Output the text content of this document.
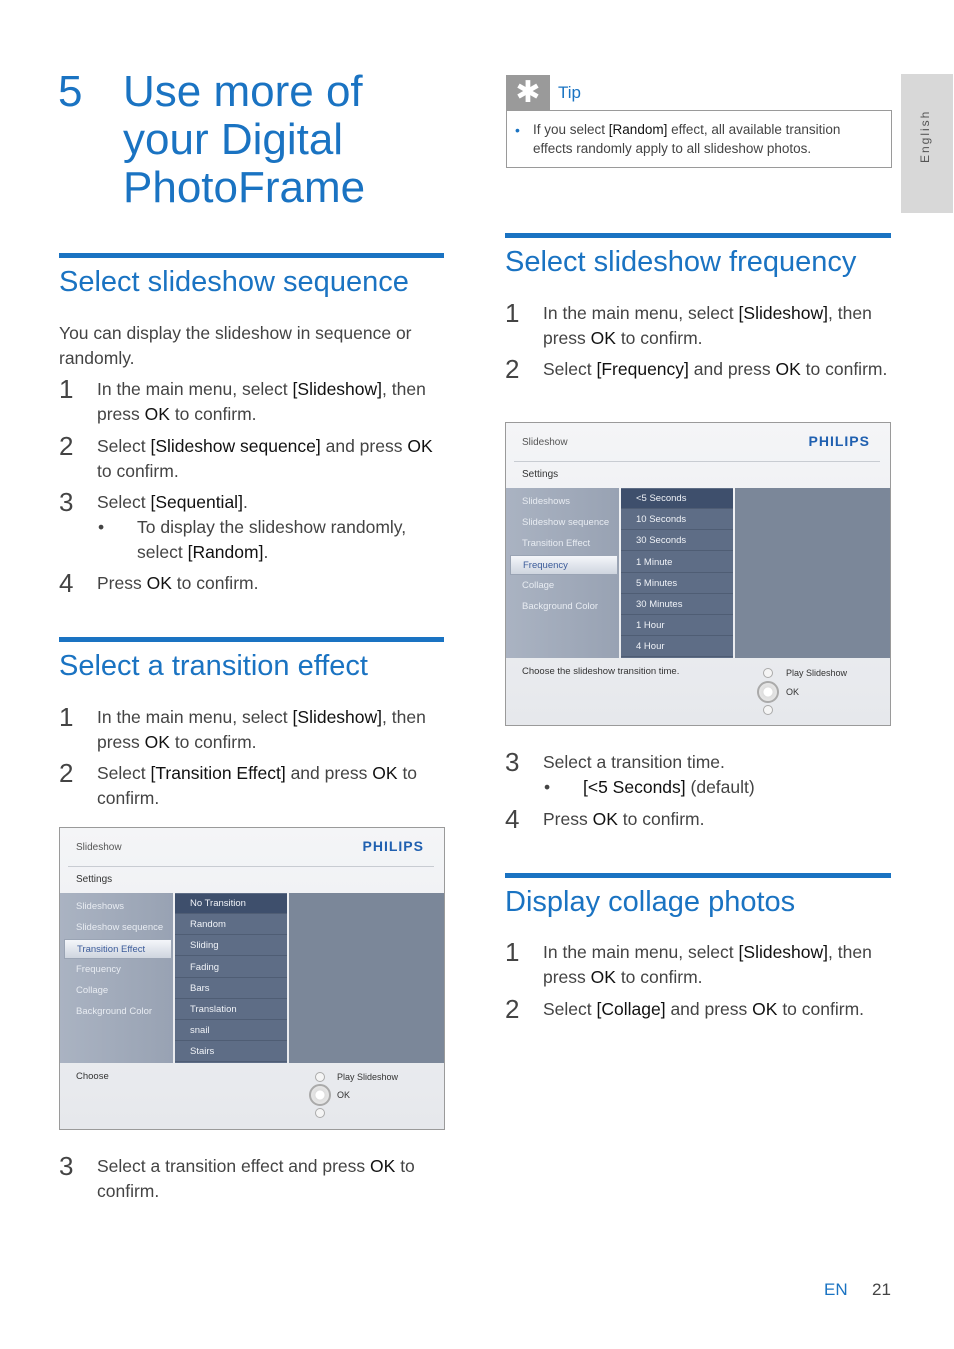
5 Use more of your Digital PhotoFrame
English
✱	Tip
• If you select [Random] effect, all available transition effects randomly apply to all slideshow photos.
Select slideshow sequence
You can display the slideshow in sequence or randomly.
1 In the main menu, select [Slideshow], then press OK to confirm.
2 Select [Slideshow sequence] and press OK to confirm.
3 Select [Sequential].
• To display the slideshow randomly, select [Random].
4 Press OK to confirm.
Select a transition effect
1 In the main menu, select [Slideshow], then press OK to confirm.
2 Select [Transition Effect] and press OK to confirm.
Slideshow	PHILIPS
Settings
Slideshows
Slideshow sequence
Transition Effect
Frequency
Collage
Background Color
No Transition
Random
Sliding
Fading
Bars
Translation
snail
Stairs
Choose	Play Slideshow
OK
3 Select a transition effect and press OK to confirm.
Select slideshow frequency
1 In the main menu, select [Slideshow], then press OK to confirm.
2 Select [Frequency] and press OK to confirm.
Slideshow	PHILIPS
Settings
Slideshows
Slideshow sequence
Transition Effect
Frequency
Collage
Background Color
<5 Seconds
10 Seconds
30 Seconds
1 Minute
5 Minutes
30 Minutes
1 Hour
4 Hour
Choose the slideshow transition time.	Play Slideshow
OK
3 Select a transition time.
• [<5 Seconds] (default)
4 Press OK to confirm.
Display collage photos
1 In the main menu, select [Slideshow], then press OK to confirm.
2 Select [Collage] and press OK to confirm.
EN 21
